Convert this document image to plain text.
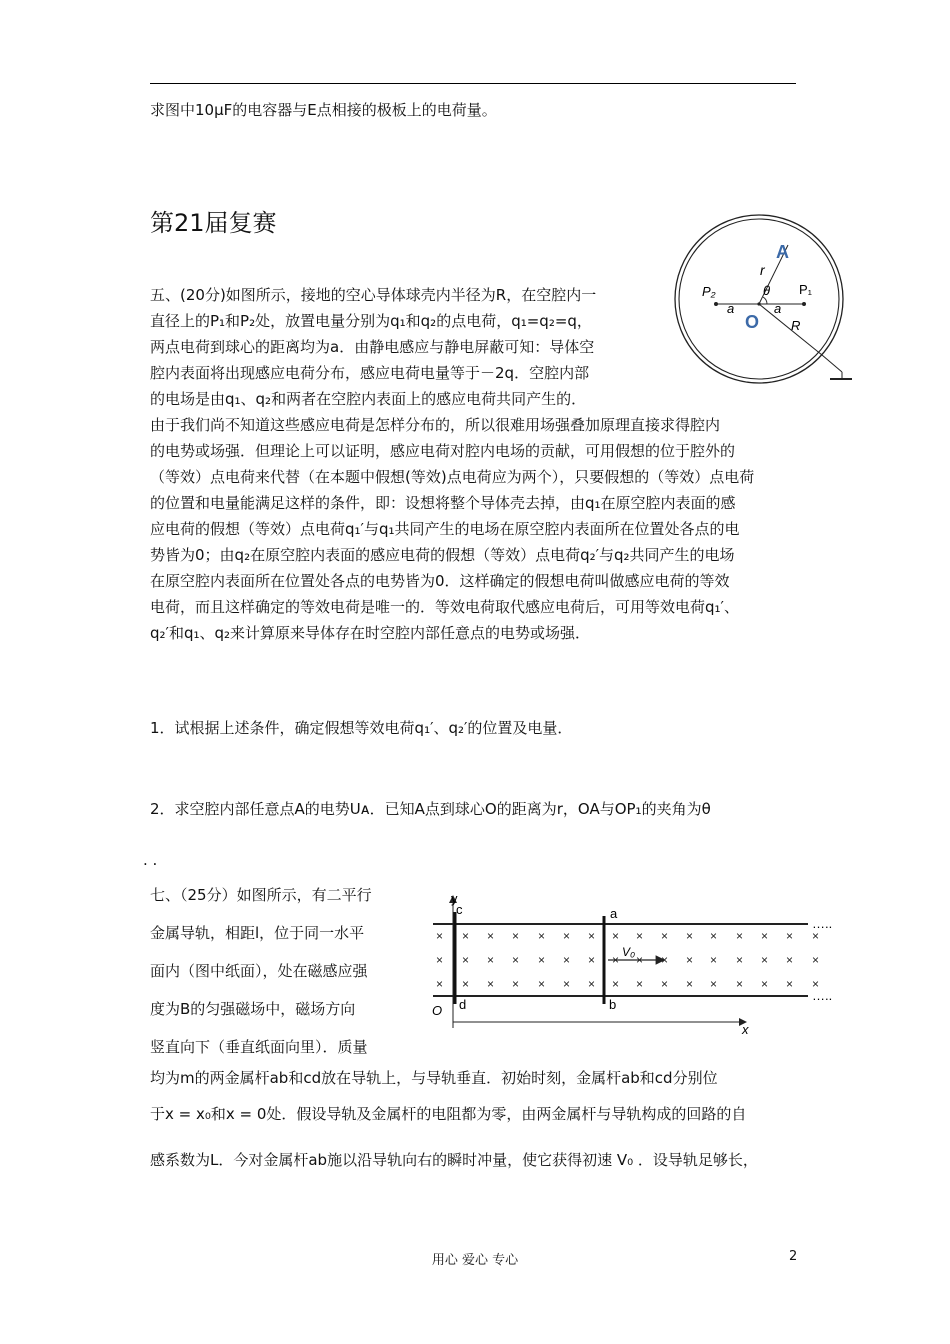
求图中10μF的电容器与E点相接的极板上的电荷量。
第21届复赛
五、(20分)如图所示，接地的空心导体球壳内半径为R，在空腔内一
直径上的P₁和P₂处，放置电量分别为q₁和q₂的点电荷，q₁=q₂=q，
两点电荷到球心的距离均为a．由静电感应与静电屏蔽可知：导体空
腔内表面将出现感应电荷分布，感应电荷电量等于－2q．空腔内部
的电场是由q₁、q₂和两者在空腔内表面上的感应电荷共同产生的．
由于我们尚不知道这些感应电荷是怎样分布的，所以很难用场强叠加原理直接求得腔内
的电势或场强．但理论上可以证明，感应电荷对腔内电场的贡献，可用假想的位于腔外的
（等效）点电荷来代替（在本题中假想(等效)点电荷应为两个），只要假想的（等效）点电荷
的位置和电量能满足这样的条件，即：设想将整个导体壳去掉，由q₁在原空腔内表面的感
应电荷的假想（等效）点电荷q₁′与q₁共同产生的电场在原空腔内表面所在位置处各点的电
势皆为0；由q₂在原空腔内表面的感应电荷的假想（等效）点电荷q₂′与q₂共同产生的电场
在原空腔内表面所在位置处各点的电势皆为0．这样确定的假想电荷叫做感应电荷的等效
电荷，而且这样确定的等效电荷是唯一的．等效电荷取代感应电荷后，可用等效电荷q₁′、
q₂′和q₁、q₂来计算原来导体存在时空腔内部任意点的电势或场强．
1．试根据上述条件，确定假想等效电荷q₁′、q₂′的位置及电量．
2．求空腔内部任意点A的电势Uᴀ．已知A点到球心O的距离为r，OA与OP₁的夹角为θ
. .
A
r
P₂	P₁
θ
a	a
O R
七、（25分）如图所示，有二平行
金属导轨，相距l，位于同一水平
面内（图中纸面），处在磁感应强
度为B的匀强磁场中，磁场方向
竖直向下（垂直纸面向里）．质量
均为m的两金属杆ab和cd放在导轨上，与导轨垂直．初始时刻，金属杆ab和cd分别位
于x = x₀和x = 0处．假设导轨及金属杆的电阻都为零，由两金属杆与导轨构成的回路的自
感系数为L．今对金属杆ab施以沿导轨向右的瞬时冲量，使它获得初速 V₀ ．设导轨足够长，
× × × × × × × × × × × × × × × ×
× × × × × × × × × × × × × × × ×
× × × × × × × × × × × × × × × ×
y
c	a
d	b
O
x
V₀
…..
…..
用心 爱心 专心	2
